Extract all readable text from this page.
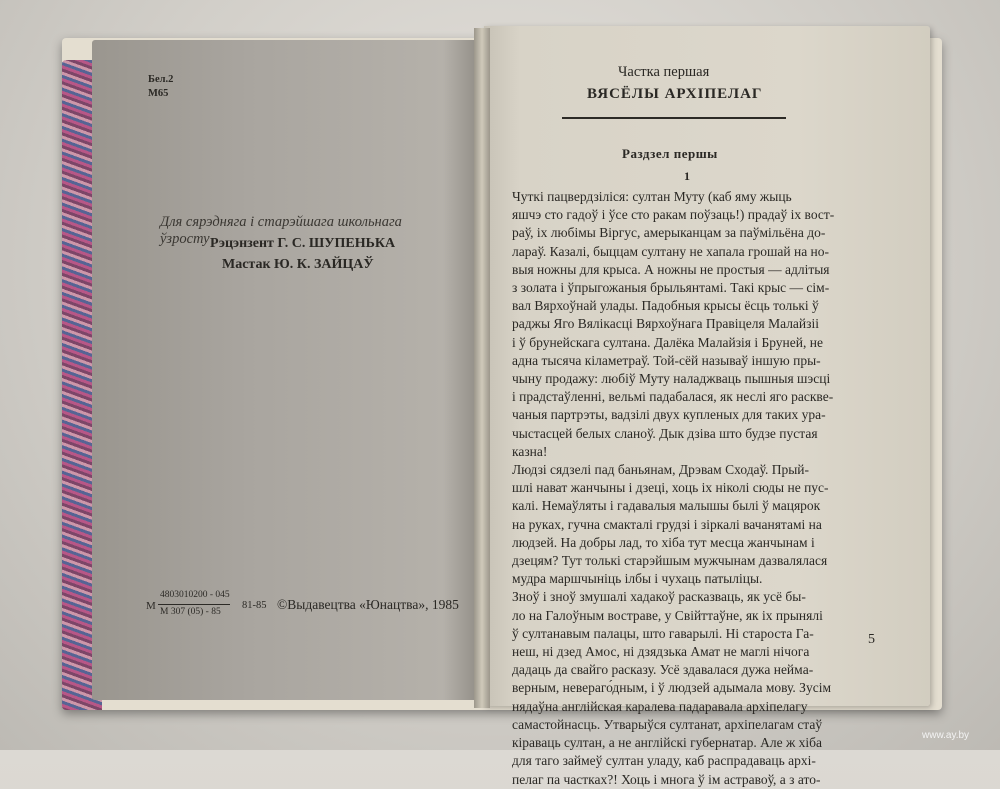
Бел.2
М65
Для сярэдняга і старэйшага школьнага ўзросту Рэцэнзент Г. С. ШУПЕНЬКА
Мастак Ю. К. ЗАЙЦАЎ
М
4803010200 - 045
М 307 (05) - 85
81-85 ©Выдавецтва «Юнацтва», 1985
Частка першая
ВЯСЁЛЫ АРХІПЕЛАГ
Раздзел першы
1

Чуткі пацвердзіліся: султан Муту (каб яму жыць

яшчэ сто гадоў і ўсе сто ракам поўзаць!) прадаў іх вост-

раў, іх любімы Віргус, амерыканцам за паўмільёна до-

лараў. Казалі, быццам султану не хапала грошай на но-

выя ножны для крыса. А ножны не простыя — адлітыя

з золата і ўпрыгожаныя брыльянтамі. Такі крыс — сім-

вал Вярхоўнай улады. Падобныя крысы ёсць толькі ў

раджы Яго Вялікасці Вярхоўнага Правіцеля Малайзіі

і ў брунейскага султана. Далёка Малайзія і Бруней, не

адна тысяча кіламетраў. Той-сёй называў іншую пры-

чыну продажу: любіў Муту наладжваць пышныя шэсці

і прадстаўленні, вельмі падабалася, як неслі яго раскве-

чаныя партрэты, вадзілі двух купленых для таких ура-

чыстасцей белых сланоў. Дык дзіва што будзе пустая

казна!

Людзі сядзелі пад баньянам, Дрэвам Сходаў. Прый-

шлі нават жанчыны і дзеці, хоць іх ніколі сюды не пус-

калі. Немаўляты і гадавалыя малышы былі ў мацярок

на руках, гучна смакталі грудзі і зіркалі вачанятамі на

людзей. На добры лад, то хіба тут месца жанчынам і

дзецям? Тут толькі старэйшым мужчынам дазвалялася

мудра маршчыніць ілбы і чухаць патыліцы.

Зноў і зноў змушалі хадакоў расказваць, як усё бы-

ло на Галоўным востраве, у Свійттаўне, як іх прынялі

ў султанавым палацы, што гаварылі. Ні староста Га-

неш, ні дзед Амос, ні дзядзька Амат не маглі нічога

дадаць да свайго расказу. Усё здавалася дужа неймa-

верным, невераго́дным, і ў людзей адымала мову. Зусім

нядаўна англійская каралева падаравала архіпелагу

самастойнасць. Утварыўся султанат, архіпелагам стаў

кіраваць султан, а не англійскі губернатар. Але ж хіба

для таго займеў султан уладу, каб распрадаваць архі-

пелаг па частках?! Хоць і многа ў ім астравоў, а з ато-

5
www.ay.by
